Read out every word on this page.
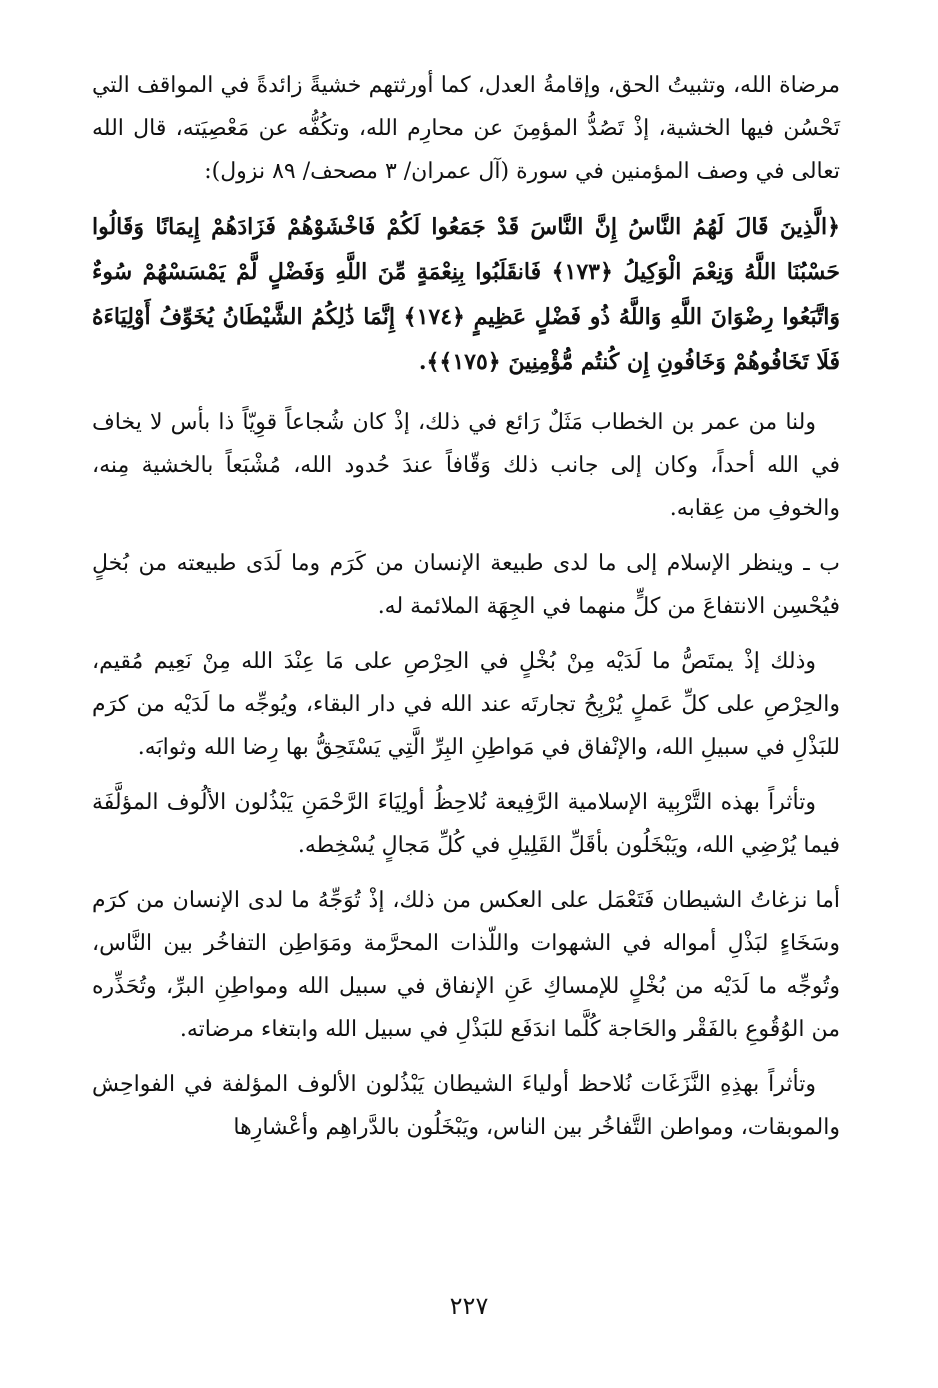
مرضاة الله، وتثبيتُ الحق، وإقامةُ العدل، كما أورثتهم خشيةً زائدةً في المواقف التي تَحْسُن فيها الخشية، إذْ تَصُدُّ المؤمِنَ عن محارِم الله، وتكُفُّه عن مَعْصِيَته، قال الله تعالى في وصف المؤمنين في سورة (آل عمران/ ٣ مصحف/ ٨٩ نزول):

﴿الَّذِينَ قَالَ لَهُمُ النَّاسُ إِنَّ النَّاسَ قَدْ جَمَعُوا لَكُمْ فَاخْشَوْهُمْ فَزَادَهُمْ إِيمَانًا وَقَالُوا حَسْبُنَا اللَّهُ وَنِعْمَ الْوَكِيلُ ﴿١٧٣﴾ فَانقَلَبُوا بِنِعْمَةٍ مِّنَ اللَّهِ وَفَضْلٍ لَّمْ يَمْسَسْهُمْ سُوءٌ وَاتَّبَعُوا رِضْوَانَ اللَّهِ وَاللَّهُ ذُو فَضْلٍ عَظِيمٍ ﴿١٧٤﴾ إِنَّمَا ذَٰلِكُمُ الشَّيْطَانُ يُخَوِّفُ أَوْلِيَاءَهُ فَلَا تَخَافُوهُمْ وَخَافُونِ إِن كُنتُم مُّؤْمِنِينَ ﴿١٧٥﴾﴾.

ولنا من عمر بن الخطاب مَثَلٌ رَائع في ذلك، إذْ كان شُجاعاً قوِيّاً ذا بأس لا يخاف في الله أحداً، وكان إلى جانب ذلك وَقّافاً عندَ حُدود الله، مُشْبَعاً بالخشية مِنه، والخوفِ من عِقابه.

ب ـ وينظر الإسلام إلى ما لدى طبيعة الإنسان من كَرَم وما لَدَى طبيعته من بُخلٍ فيُحْسِن الانتفاعَ من كلٍّ منهما في الجِهَة الملائمة له.

وذلك إذْ يمتَصُّ ما لَدَيْه مِنْ بُخْلٍ في الحِرْصِ على مَا عِنْدَ الله مِنْ نَعِيم مُقيم، والحِرْصِ على كلِّ عَملٍ يُرْبِحُ تجارتَه عند الله في دار البقاء، ويُوجِّه ما لَدَيْه من كرَم للبَذْلِ في سبيلِ الله، والإنْفاق في مَواطِنِ البِرِّ الَّتِي يَسْتَحِقُّ بها رِضا الله وثوابَه.

وتأثراً بهذه التَّرْبِية الإسلامية الرَّفِيعة نُلاحِظُ أولِيَاءَ الرَّحْمَنِ يَبْذُلون الألُوف المؤلَّفَة فيما يُرْضِي الله، ويَبْخَلُون بأقَلِّ القَلِيلِ في كُلِّ مَجالٍ يُسْخِطه.

أما نزغاتُ الشيطان فَتَعْمَل على العكس من ذلك، إذْ تُوَجِّهُ ما لدى الإنسان من كرَم وسَخَاءٍ لبَذْلِ أمواله في الشهوات واللّذات المحرَّمة ومَوَاطِن التفاخُر بين النَّاس، وتُوجِّه ما لَدَيْه من بُخْلٍ للإمساكِ عَنِ الإنفاق في سبيل الله ومواطِنِ البرِّ، وتُحَذِّره من الوُقُوعِ بالفَقْر والحَاجة كُلَّما اندَفَع للبَذْلِ في سبيل الله وابتغاء مرضاته.

وتأثراً بهذِهِ النَّزَغَات نُلاحظ أولياءَ الشيطان يَبْذُلون الألوف المؤلفة في الفواحِش والموبقات، ومواطن التَّفاخُر بين الناس، ويَبْخَلُون بالدَّراهِم وأعْشارِها

٢٢٧
